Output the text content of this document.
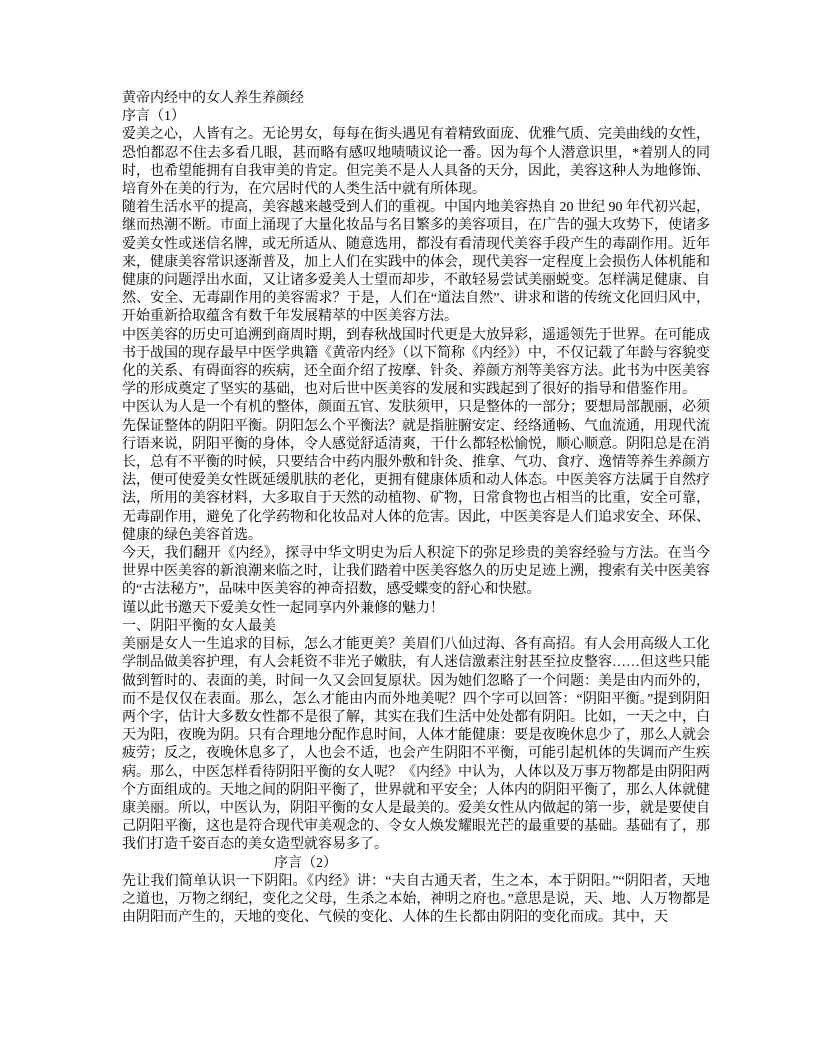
黄帝内经中的女人养生养颜经

序言（1）

爱美之心，人皆有之。无论男女，每每在街头遇见有着精致面庞、优雅气质、完美曲线的女性，恐怕都忍不住去多看几眼，甚而略有感叹地啧啧议论一番。因为每个人潜意识里，*着别人的同时，也希望能拥有自我审美的肯定。但完美不是人人具备的天分，因此，美容这种人为地修饰、培育外在美的行为，在穴居时代的人类生活中就有所体现。

随着生活水平的提高，美容越来越受到人们的重视。中国内地美容热自 20 世纪 90 年代初兴起，继而热潮不断。市面上涌现了大量化妆品与名目繁多的美容项目，在广告的强大攻势下，使诸多爱美女性或迷信名牌，或无所适从、随意选用，都没有看清现代美容手段产生的毒副作用。近年来，健康美容常识逐渐普及，加上人们在实践中的体会，现代美容一定程度上会损伤人体机能和健康的问题浮出水面，又让诸多爱美人士望而却步，不敢轻易尝试美丽蜕变。怎样满足健康、自然、安全、无毒副作用的美容需求？于是，人们在“道法自然”、讲求和谐的传统文化回归风中，开始重新拾取蕴含有数千年发展精萃的中医美容方法。

中医美容的历史可追溯到商周时期，到春秋战国时代更是大放异彩，遥遥领先于世界。在可能成书于战国的现存最早中医学典籍《黄帝内经》（以下简称《内经》）中，不仅记载了年龄与容貌变化的关系、有碍面容的疾病，还全面介绍了按摩、针灸、养颜方剂等美容方法。此书为中医美容学的形成奠定了坚实的基础，也对后世中医美容的发展和实践起到了很好的指导和借鉴作用。

中医认为人是一个有机的整体，颜面五官、发肤须甲，只是整体的一部分；要想局部靓丽，必须先保证整体的阴阳平衡。阴阳怎么个平衡法？就是指脏腑安定、经络通畅、气血流通，用现代流行语来说，阴阳平衡的身体，令人感觉舒适清爽，干什么都轻松愉悦，顺心顺意。阴阳总是在消长，总有不平衡的时候，只要结合中药内服外敷和针灸、推拿、气功、食疗、逸情等养生养颜方法，便可使爱美女性既延缓肌肤的老化，更拥有健康体质和动人体态。中医美容方法属于自然疗法，所用的美容材料，大多取自于天然的动植物、矿物，日常食物也占相当的比重，安全可靠，无毒副作用，避免了化学药物和化妆品对人体的危害。因此，中医美容是人们追求安全、环保、健康的绿色美容首选。

今天，我们翻开《内经》，探寻中华文明史为后人积淀下的弥足珍贵的美容经验与方法。在当今世界中医美容的新浪潮来临之时，让我们踏着中医美容悠久的历史足迹上溯，搜索有关中医美容的“古法秘方”，品味中医美容的神奇招数，感受蝶变的舒心和快慰。

谨以此书邀天下爱美女性一起同享内外兼修的魅力！

一、阴阳平衡的女人最美

美丽是女人一生追求的目标，怎么才能更美？美眉们八仙过海、各有高招。有人会用高级人工化学制品做美容护理，有人会耗资不非光子嫩肤，有人迷信激素注射甚至拉皮整容……但这些只能做到暂时的、表面的美，时间一久又会回复原状。因为她们忽略了一个问题：美是由内而外的，而不是仅仅在表面。那么，怎么才能由内而外地美呢？四个字可以回答：“阴阳平衡。”提到阴阳两个字，估计大多数女性都不是很了解，其实在我们生活中处处都有阴阳。比如，一天之中，白天为阳，夜晚为阴。只有合理地分配作息时间，人体才能健康：要是夜晚休息少了，那么人就会疲劳；反之，夜晚休息多了，人也会不适，也会产生阴阳不平衡，可能引起机体的失调而产生疾病。那么，中医怎样看待阴阳平衡的女人呢？《内经》中认为，人体以及万事万物都是由阴阳两个方面组成的。天地之间的阴阳平衡了，世界就和平安全；人体内的阴阳平衡了，那么人体就健康美丽。所以，中医认为，阴阳平衡的女人是最美的。爱美女性从内做起的第一步，就是要使自己阴阳平衡，这也是符合现代审美观念的、令女人焕发耀眼光芒的最重要的基础。基础有了，那我们打造千姿百态的美女造型就容易多了。

序言（2）

先让我们简单认识一下阴阳。《内经》讲：“夫自古通天者，生之本，本于阴阳。”“阴阳者，天地之道也，万物之纲纪，变化之父母，生杀之本始，神明之府也。”意思是说，天、地、人万物都是由阴阳而产生的，天地的变化、气候的变化、人体的生长都由阴阳的变化而成。其中，天
